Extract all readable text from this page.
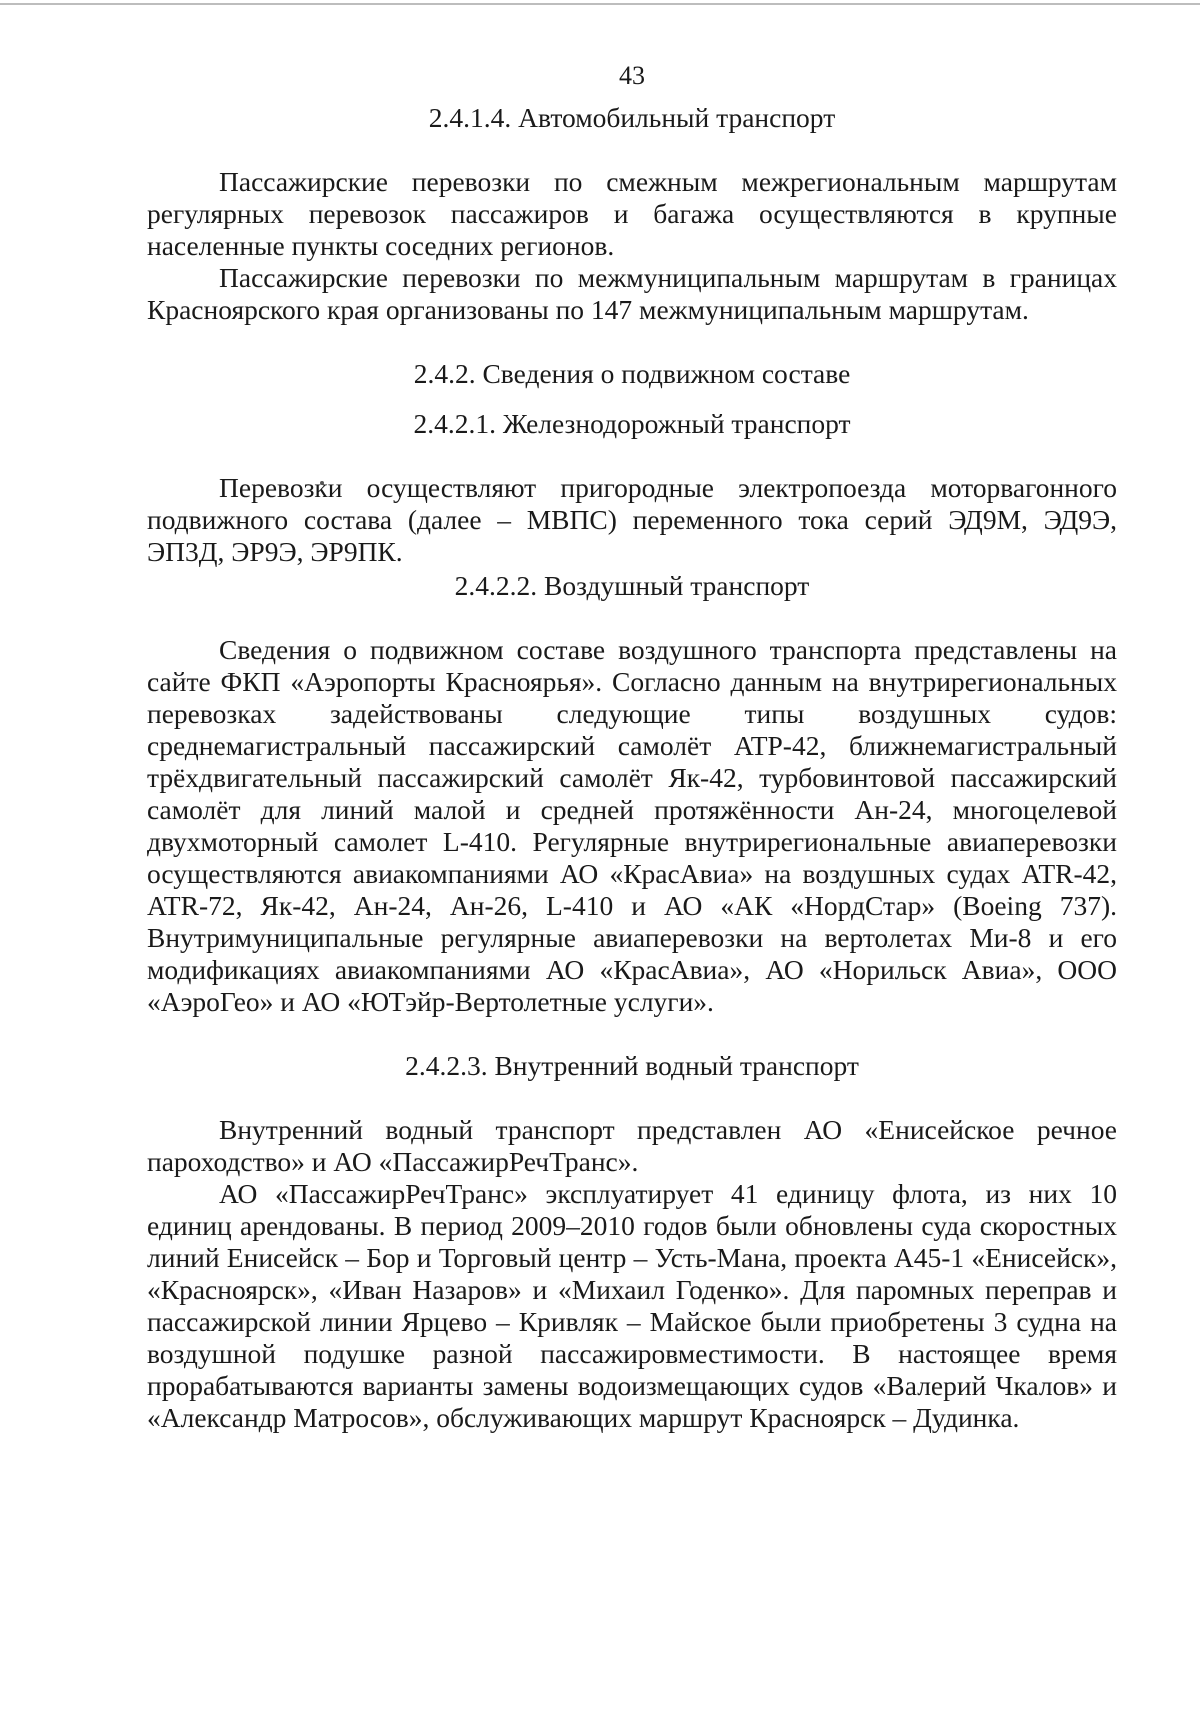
43
2.4.1.4. Автомобильный транспорт

Пассажирские перевозки по смежным межрегиональным маршрутам регулярных перевозок пассажиров и багажа осуществляются в крупные населенные пункты соседних регионов.

Пассажирские перевозки по межмуниципальным маршрутам в границах Красноярского края организованы по 147 межмуниципальным маршрутам.

2.4.2. Сведения о подвижном составе
2.4.2.1. Железнодорожный транспорт

Перевозки осуществляют пригородные электропоезда моторвагонного подвижного состава (далее – МВПС) переменного тока серий ЭД9М, ЭД9Э, ЭП3Д, ЭР9Э, ЭР9ПК.

2.4.2.2. Воздушный транспорт

Сведения о подвижном составе воздушного транспорта представлены на сайте ФКП «Аэропорты Красноярья». Согласно данным на внутрирегиональных перевозках задействованы следующие типы воздушных судов: среднемагистральный пассажирский самолёт ATP-42, ближнемагистральный трёхдвигательный пассажирский самолёт Як-42, турбовинтовой пассажирский самолёт для линий малой и средней протяжённости Ан-24, многоцелевой двухмоторный самолет L-410. Регулярные внутрирегиональные авиаперевозки осуществляются авиакомпаниями АО «КрасАвиа» на воздушных судах ATR-42, ATR-72, Як-42, Ан-24, Ан-26, L-410 и АО «АК «НордСтар» (Boeing 737). Внутримуниципальные регулярные авиаперевозки на вертолетах Ми-8 и его модификациях авиакомпаниями АО «КрасАвиа», АО «Норильск Авиа», ООО «АэроГео» и АО «ЮТэйр-Вертолетные услуги».

2.4.2.3. Внутренний водный транспорт

Внутренний водный транспорт представлен АО «Енисейское речное пароходство» и АО «ПассажирРечТранс».

АО «ПассажирРечТранс» эксплуатирует 41 единицу флота, из них 10 единиц арендованы. В период 2009–2010 годов были обновлены суда скоростных линий Енисейск – Бор и Торговый центр – Усть-Мана, проекта А45-1 «Енисейск», «Красноярск», «Иван Назаров» и «Михаил Годенко». Для паромных переправ и пассажирской линии Ярцево – Кривляк – Майское были приобретены 3 судна на воздушной подушке разной пассажировместимости. В настоящее время прорабатываются варианты замены водоизмещающих судов «Валерий Чкалов» и «Александр Матросов», обслуживающих маршрут Красноярск – Дудинка.
